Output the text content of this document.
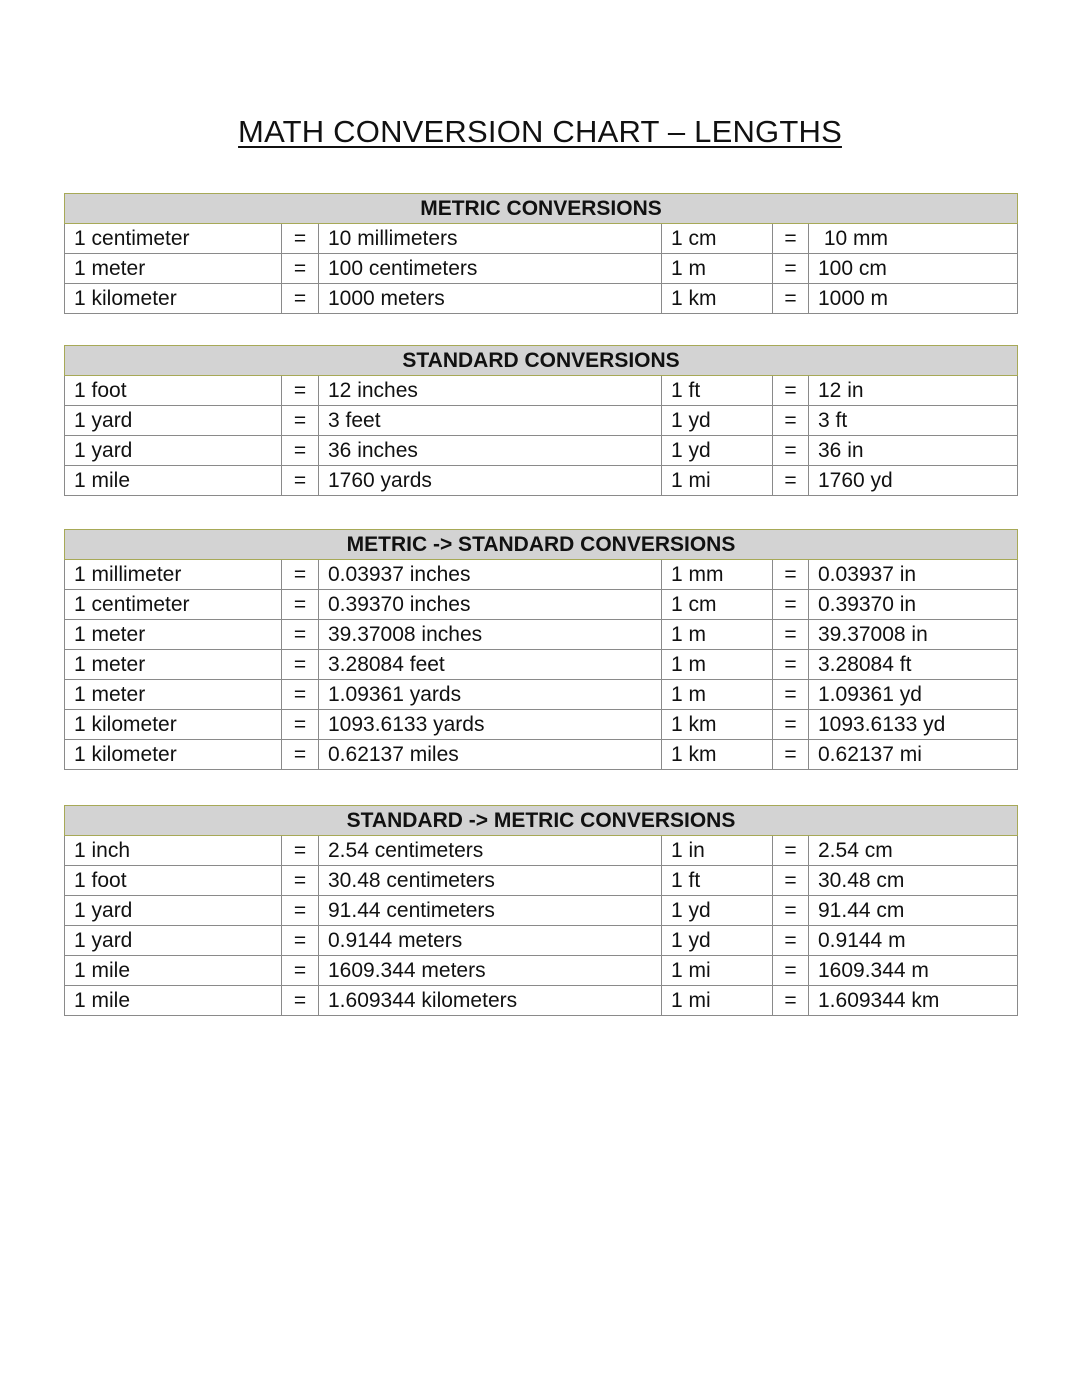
MATH CONVERSION CHART – LENGTHS
METRIC CONVERSIONS					
1 centimeter	=	10 millimeters	1 cm	=	10 mm
1 meter	=	100 centimeters	1 m	=	100 cm
1 kilometer	=	1000 meters	1 km	=	1000 m
STANDARD CONVERSIONS					
1 foot	=	12 inches	1 ft	=	12 in
1 yard	=	3 feet	1 yd	=	3 ft
1 yard	=	36 inches	1 yd	=	36 in
1 mile	=	1760 yards	1 mi	=	1760 yd
METRIC -> STANDARD CONVERSIONS					
1 millimeter	=	0.03937 inches	1 mm	=	0.03937 in
1 centimeter	=	0.39370 inches	1 cm	=	0.39370 in
1 meter	=	39.37008 inches	1 m	=	39.37008 in
1 meter	=	3.28084 feet	1 m	=	3.28084 ft
1 meter	=	1.09361 yards	1 m	=	1.09361 yd
1 kilometer	=	1093.6133 yards	1 km	=	1093.6133 yd
1 kilometer	=	0.62137 miles	1 km	=	0.62137 mi
STANDARD -> METRIC CONVERSIONS					
1 inch	=	2.54 centimeters	1 in	=	2.54 cm
1 foot	=	30.48 centimeters	1 ft	=	30.48 cm
1 yard	=	91.44 centimeters	1 yd	=	91.44 cm
1 yard	=	0.9144 meters	1 yd	=	0.9144 m
1 mile	=	1609.344 meters	1 mi	=	1609.344 m
1 mile	=	1.609344 kilometers	1 mi	=	1.609344 km
